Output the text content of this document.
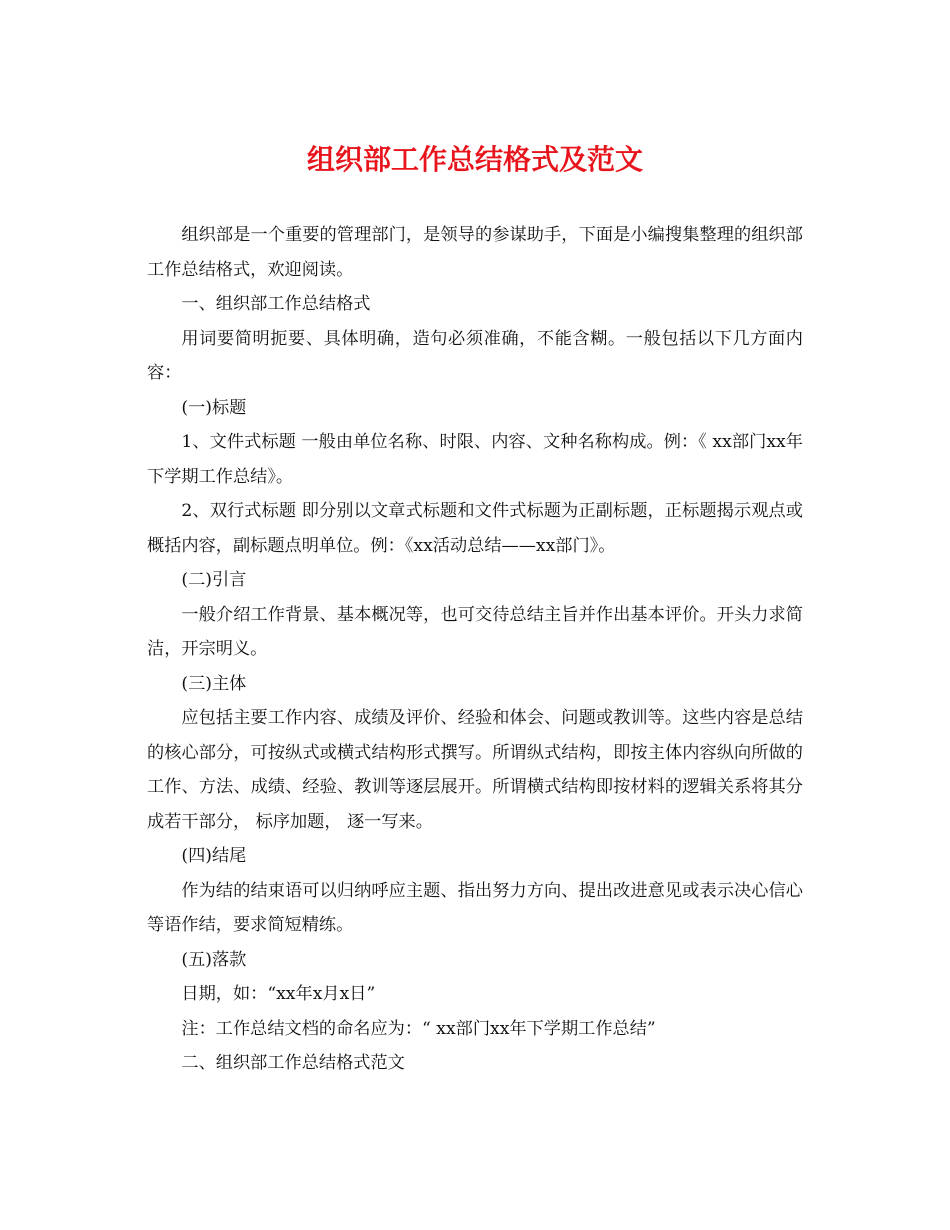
组织部工作总结格式及范文

组织部是一个重要的管理部门，是领导的参谋助手，下面是小编搜集整理的组织部工作总结格式，欢迎阅读。

一、组织部工作总结格式

用词要简明扼要、具体明确，造句必须准确，不能含糊。一般包括以下几方面内容：

(一)标题

1、文件式标题 一般由单位名称、时限、内容、文种名称构成。例：《 xx部门xx年下学期工作总结》。

2、双行式标题 即分别以文章式标题和文件式标题为正副标题，正标题揭示观点或概括内容，副标题点明单位。例：《xx活动总结——xx部门》。

(二)引言

一般介绍工作背景、基本概况等，也可交待总结主旨并作出基本评价。开头力求简洁，开宗明义。

(三)主体

应包括主要工作内容、成绩及评价、经验和体会、问题或教训等。这些内容是总结的核心部分，可按纵式或横式结构形式撰写。所谓纵式结构，即按主体内容纵向所做的工作、方法、成绩、经验、教训等逐层展开。所谓横式结构即按材料的逻辑关系将其分成若干部分， 标序加题， 逐一写来。

(四)结尾

作为结的结束语可以归纳呼应主题、指出努力方向、提出改进意见或表示决心信心等语作结，要求简短精练。

(五)落款

日期，如：“xx年x月x日”

注：工作总结文档的命名应为：“ xx部门xx年下学期工作总结”

二、组织部工作总结格式范文
